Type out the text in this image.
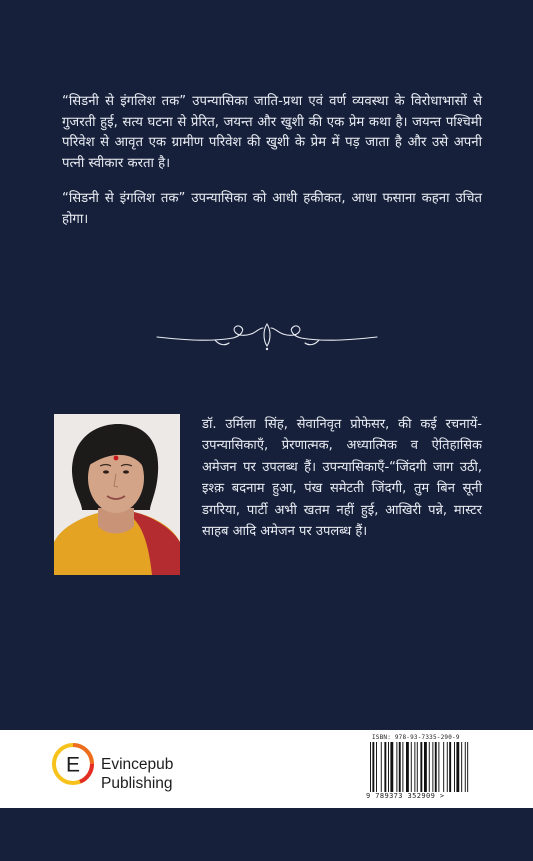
“सिडनी से इंगलिश तक” उपन्यासिका जाति-प्रथा एवं वर्ण व्यवस्था के विरोधाभासों से गुजरती हुई, सत्य घटना से प्रेरित, जयन्त और खुशी की एक प्रेम कथा है। जयन्त पश्चिमी परिवेश से आवृत एक ग्रामीण परिवेश की खुशी के प्रेम में पड़ जाता है और उसे अपनी पत्नी स्वीकार करता है।

“सिडनी से इंगलिश तक” उपन्यासिका को आधी हकीकत, आधा फसाना कहना उचित होगा।

डॉ. उर्मिला सिंह, सेवानिवृत प्रोफेसर, की कई रचनायें-उपन्यासिकाएँ, प्रेरणात्मक, अध्यात्मिक व ऐतिहासिक अमेजन पर उपलब्ध हैं। उपन्यासिकाएँ-“जिंदगी जाग उठी, इश्क़ बदनाम हुआ, पंख समेटती जिंदगी, तुम बिन सूनी डगरिया, पार्टी अभी खतम नहीं हुई, आखिरी पन्ने, मास्टर साहब आदि अमेजन पर उपलब्ध हैं।

E Evincepub
Publishing
ISBN: 978-93-7335-290-9
9 789373 352909 >
